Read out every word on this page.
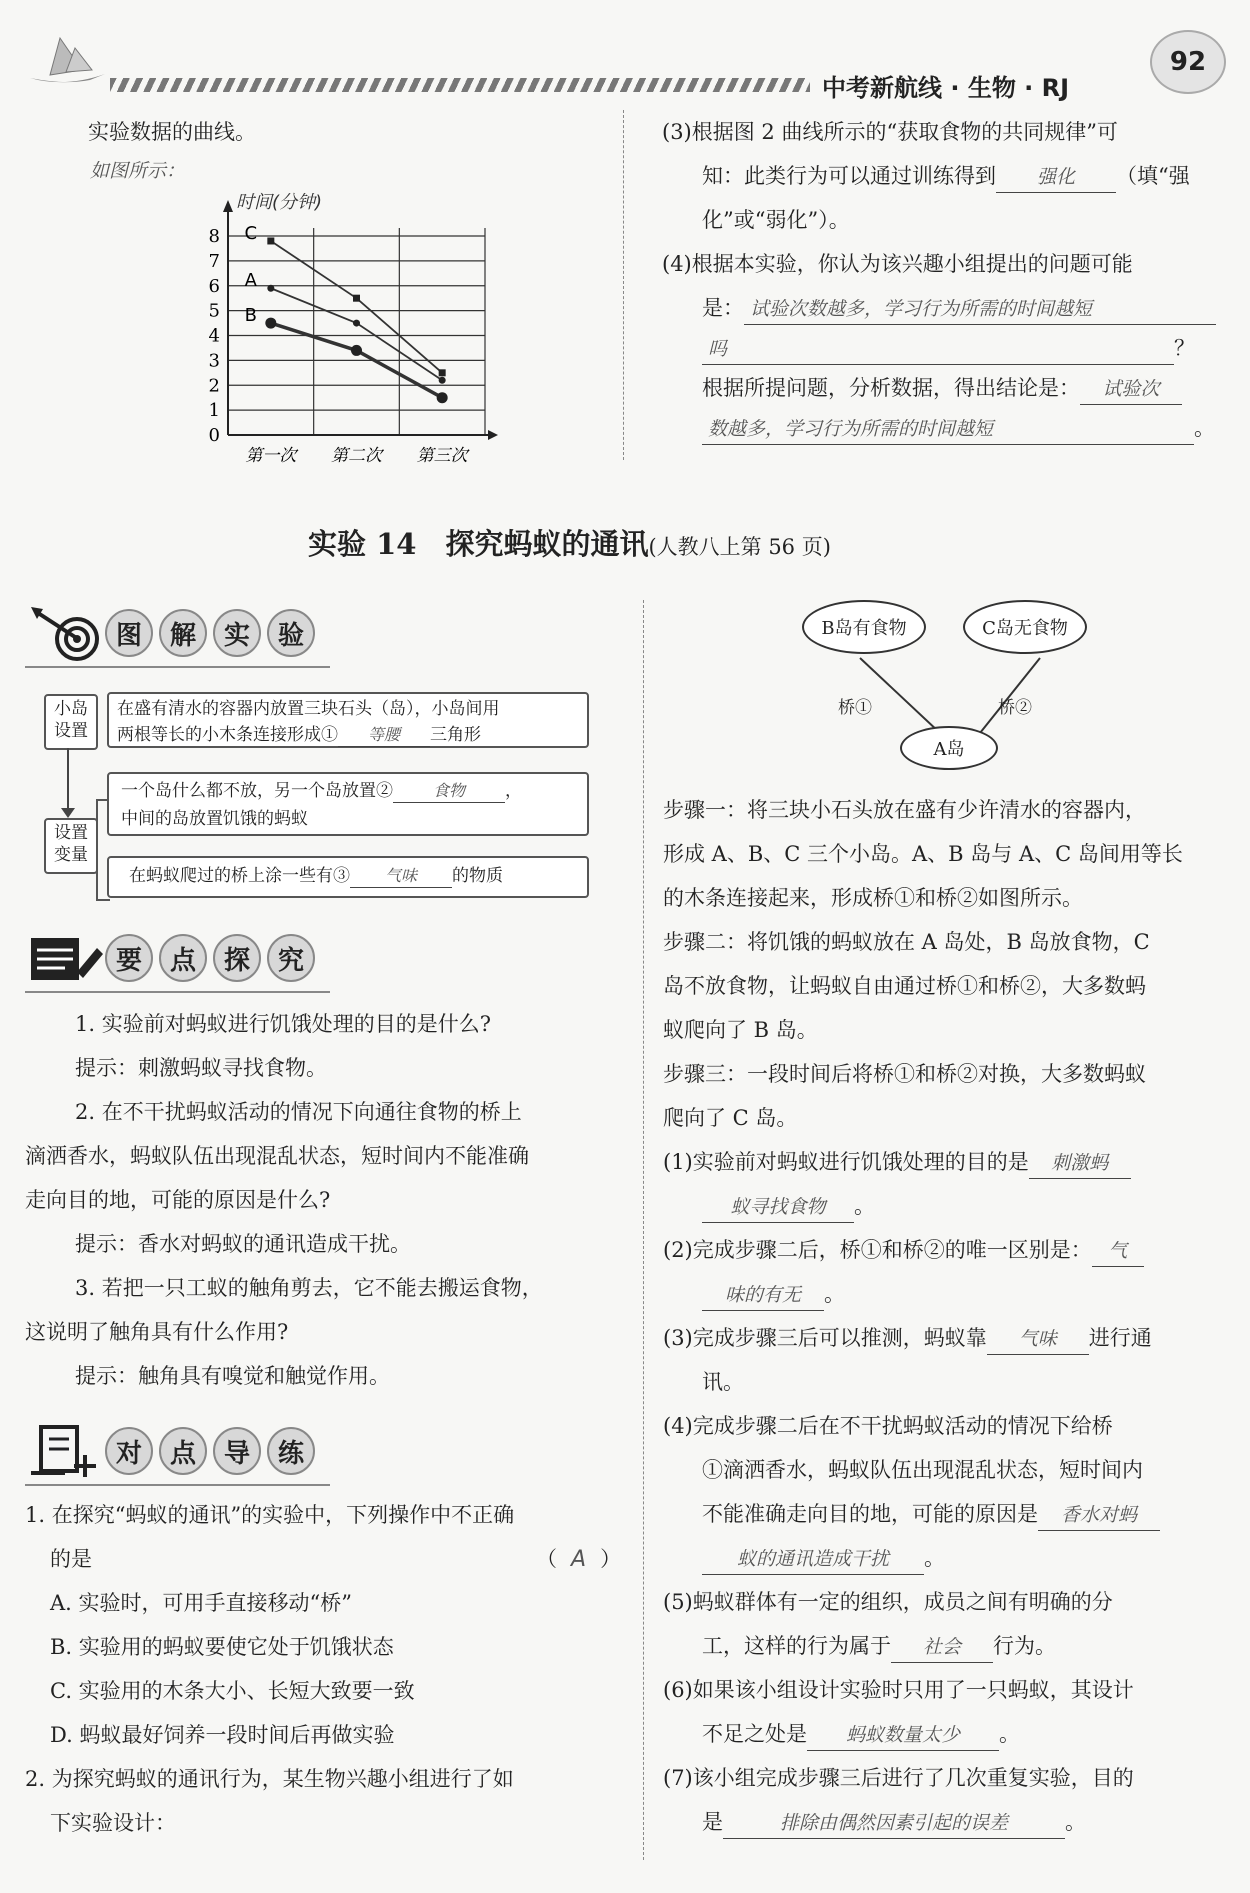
中考新航线 · 生物 · RJ
92
实验数据的曲线。
如图所示：
0
1
2
3
4
5
6
7
8
时间(分钟)
第一次 第二次 第三次
C
A
B
(3)根据图 2 曲线所示的“获取食物的共同规律”可
知：此类行为可以通过训练得到 强化 （填“强
化”或“弱化”）。
(4)根据本实验，你认为该兴趣小组提出的问题可能
是： 试验次数越多，学习行为所需的时间越短
吗	？
根据所提问题，分析数据，得出结论是： 试验次
数越多，学习行为所需的时间越短	。
实验 14　探究蚂蚁的通讯(人教八上第 56 页)
图	解	实	验
小岛
设置
设置
变量
在盛有清水的容器内放置三块石头（岛），小岛间用
两根等长的小木条连接形成① 等腰 三角形
一个岛什么都不放，另一个岛放置② 食物 ，
中间的岛放置饥饿的蚂蚁
在蚂蚁爬过的桥上涂一些有③ 气味 的物质
要	点	探	究
1. 实验前对蚂蚁进行饥饿处理的目的是什么?
提示：刺激蚂蚁寻找食物。
2. 在不干扰蚂蚁活动的情况下向通往食物的桥上
滴洒香水，蚂蚁队伍出现混乱状态，短时间内不能准确
走向目的地，可能的原因是什么?
提示：香水对蚂蚁的通讯造成干扰。
3. 若把一只工蚁的触角剪去，它不能去搬运食物，
这说明了触角具有什么作用?
提示：触角具有嗅觉和触觉作用。
对	点	导	练
1. 在探究“蚂蚁的通讯”的实验中，下列操作中不正确
的是	（ A ）
A. 实验时，可用手直接移动“桥”
B. 实验用的蚂蚁要使它处于饥饿状态
C. 实验用的木条大小、长短大致要一致
D. 蚂蚁最好饲养一段时间后再做实验
2. 为探究蚂蚁的通讯行为，某生物兴趣小组进行了如
下实验设计：
B岛有食物	C岛无食物
A岛
桥①	桥②
步骤一：将三块小石头放在盛有少许清水的容器内，
形成 A、B、C 三个小岛。A、B 岛与 A、C 岛间用等长
的木条连接起来，形成桥①和桥②如图所示。
步骤二：将饥饿的蚂蚁放在 A 岛处，B 岛放食物，C
岛不放食物，让蚂蚁自由通过桥①和桥②，大多数蚂
蚁爬向了 B 岛。
步骤三：一段时间后将桥①和桥②对换，大多数蚂蚁
爬向了 C 岛。
(1)实验前对蚂蚁进行饥饿处理的目的是 刺激蚂
蚁寻找食物 。
(2)完成步骤二后，桥①和桥②的唯一区别是： 气
味的有无 。
(3)完成步骤三后可以推测，蚂蚁靠 气味 进行通
讯。
(4)完成步骤二后在不干扰蚂蚁活动的情况下给桥
①滴洒香水，蚂蚁队伍出现混乱状态，短时间内
不能准确走向目的地，可能的原因是 香水对蚂
蚁的通讯造成干扰 。
(5)蚂蚁群体有一定的组织，成员之间有明确的分
工，这样的行为属于 社会 行为。
(6)如果该小组设计实验时只用了一只蚂蚁，其设计
不足之处是 蚂蚁数量太少 。
(7)该小组完成步骤三后进行了几次重复实验，目的
是	排除由偶然因素引起的误差	。
